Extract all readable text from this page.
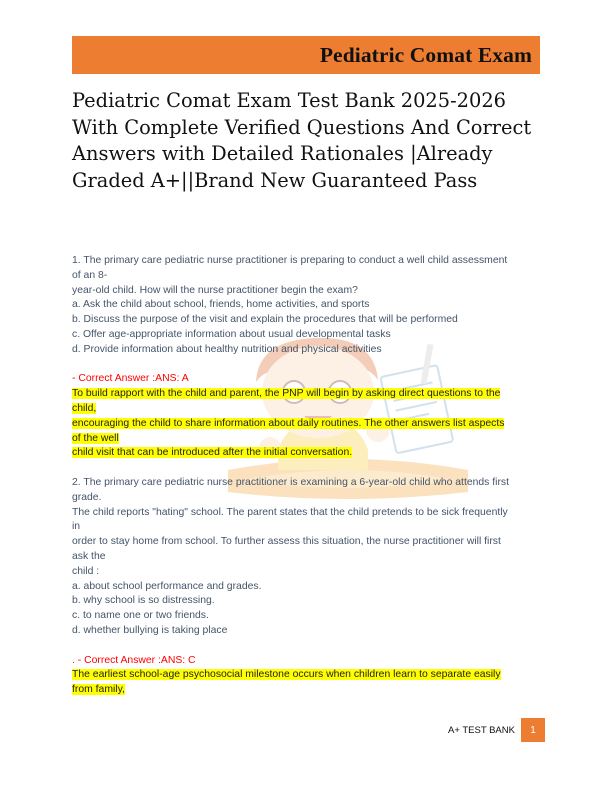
Pediatric Comat Exam
Pediatric Comat Exam Test Bank 2025-2026 With Complete Verified Questions And Correct Answers with Detailed Rationales |Already Graded A+||Brand New Guaranteed Pass
1. The primary care pediatric nurse practitioner is preparing to conduct a well child assessment
of an 8-
year-old child. How will the nurse practitioner begin the exam?
a. Ask the child about school, friends, home activities, and sports
b. Discuss the purpose of the visit and explain the procedures that will be performed
c. Offer age-appropriate information about usual developmental tasks
d. Provide information about healthy nutrition and physical activities
- Correct Answer :ANS: A
To build rapport with the child and parent, the PNP will begin by asking direct questions to the
child,
encouraging the child to share information about daily routines. The other answers list aspects
of the well
child visit that can be introduced after the initial conversation.
2. The primary care pediatric nurse practitioner is examining a 6-year-old child who attends first
grade.
The child reports "hating" school. The parent states that the child pretends to be sick frequently
in
order to stay home from school. To further assess this situation, the nurse practitioner will first
ask the
child :
a. about school performance and grades.
b. why school is so distressing.
c. to name one or two friends.
d. whether bullying is taking place
. - Correct Answer :ANS: C
The earliest school-age psychosocial milestone occurs when children learn to separate easily
from family,
A+ TEST BANK	1
